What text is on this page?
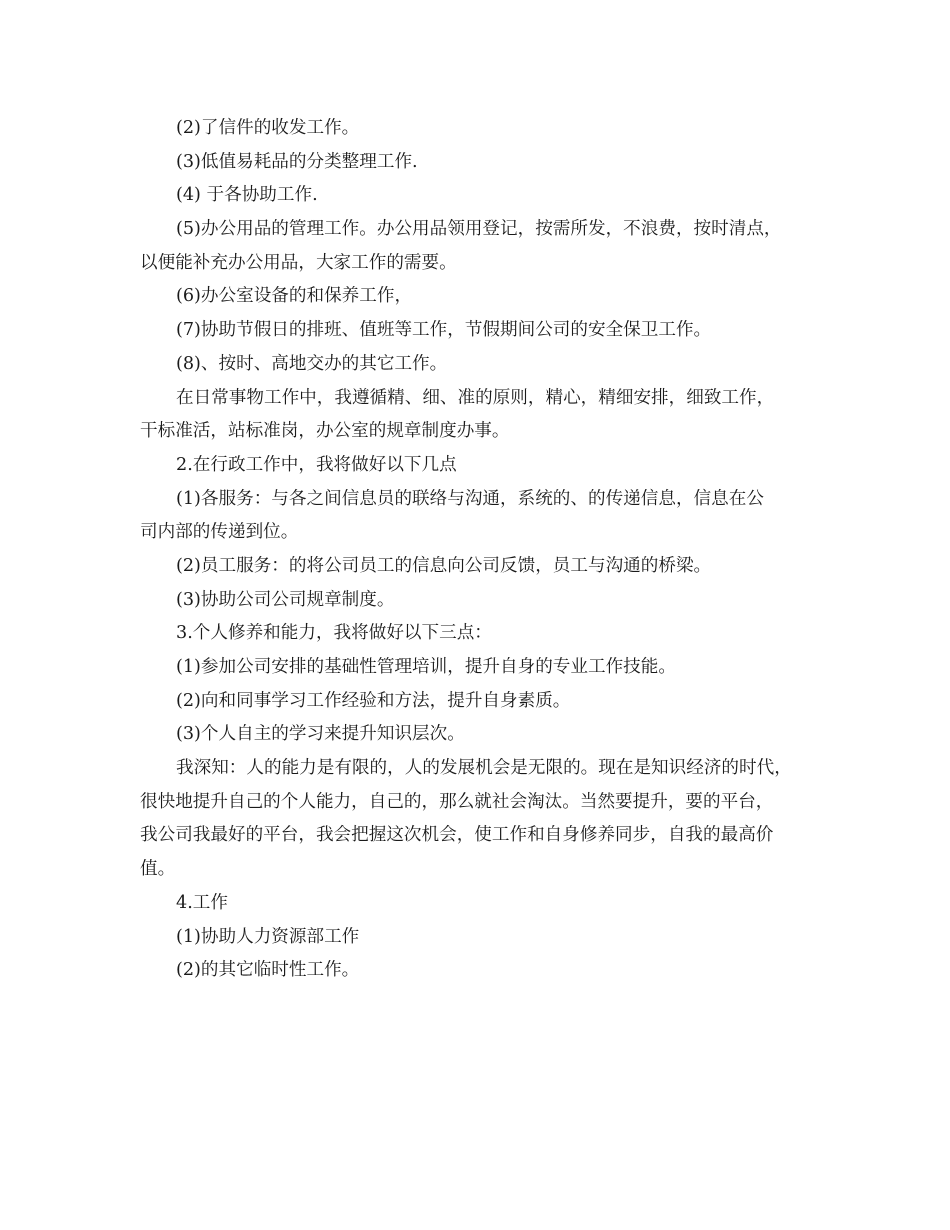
(2)了信件的收发工作。
(3)低值易耗品的分类整理工作.
(4) 于各协助工作.
(5)办公用品的管理工作。办公用品领用登记，按需所发，不浪费，按时清点，
以便能补充办公用品，大家工作的需要。
(6)办公室设备的和保养工作，
(7)协助节假日的排班、值班等工作，节假期间公司的安全保卫工作。
(8)、按时、高地交办的其它工作。
在日常事物工作中，我遵循精、细、准的原则，精心，精细安排，细致工作，
干标准活，站标准岗，办公室的规章制度办事。
2.在行政工作中，我将做好以下几点
(1)各服务：与各之间信息员的联络与沟通，系统的、的传递信息，信息在公
司内部的传递到位。
(2)员工服务：的将公司员工的信息向公司反馈，员工与沟通的桥梁。
(3)协助公司公司规章制度。
3.个人修养和能力，我将做好以下三点：
(1)参加公司安排的基础性管理培训，提升自身的专业工作技能。
(2)向和同事学习工作经验和方法，提升自身素质。
(3)个人自主的学习来提升知识层次。
我深知：人的能力是有限的，人的发展机会是无限的。现在是知识经济的时代，
很快地提升自己的个人能力，自己的，那么就社会淘汰。当然要提升，要的平台，
我公司我最好的平台，我会把握这次机会，使工作和自身修养同步，自我的最高价
值。
4.工作
(1)协助人力资源部工作
(2)的其它临时性工作。
